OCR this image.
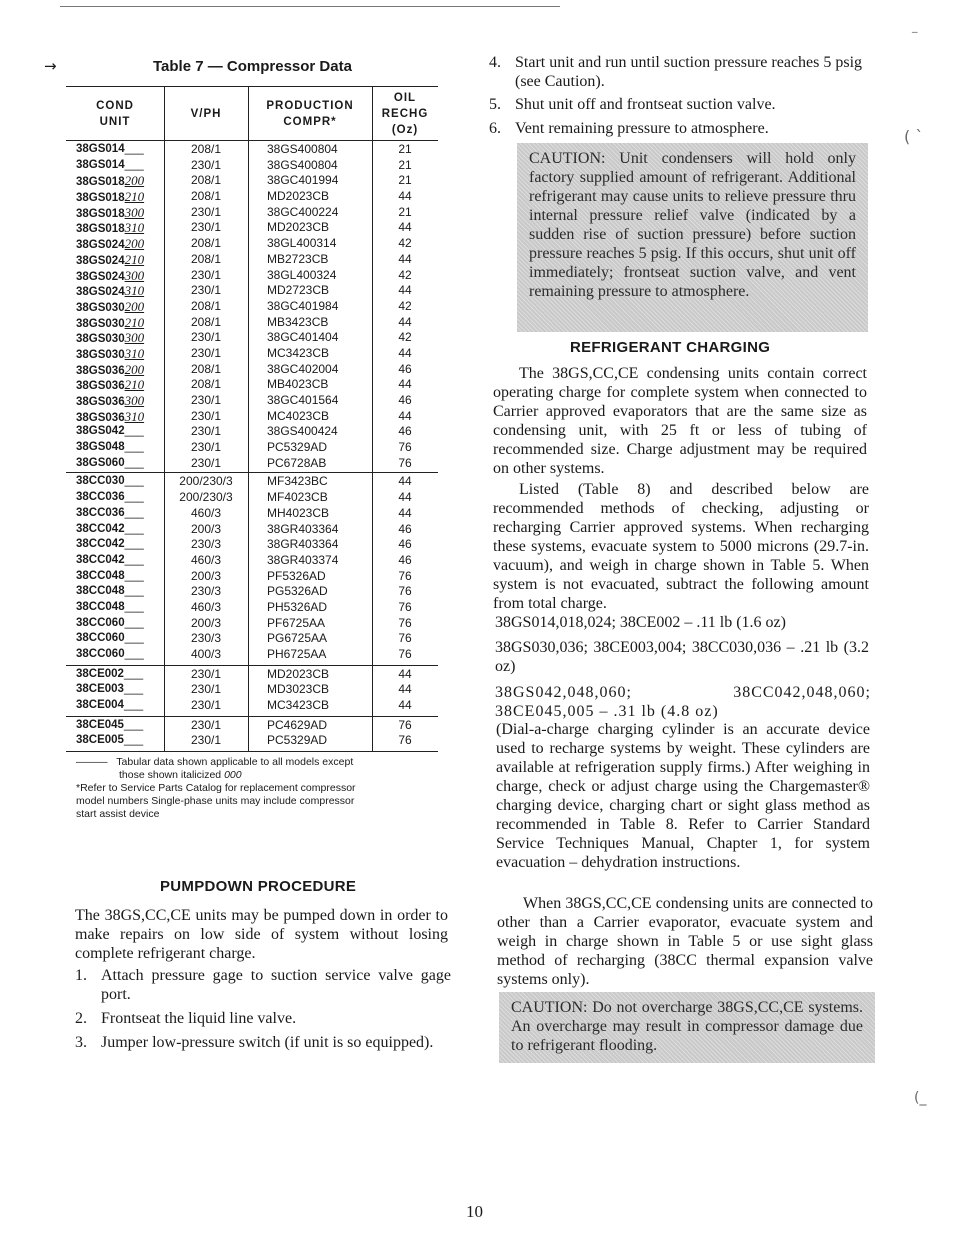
→	Table 7 — Compressor Data
COND
UNIT
V/PH
PRODUCTION
COMPR*
OIL
RECHG
(Oz)
38GS014___	208/1	38GS400804	21
38GS014___	230/1	38GS400804	21
38GS018200	208/1	38GC401994	21
38GS018210	208/1	MD2023CB	44
38GS018300	230/1	38GC400224	21
38GS018310	230/1	MD2023CB	44
38GS024200	208/1	38GL400314	42
38GS024210	208/1	MB2723CB	44
38GS024300	230/1	38GL400324	42
38GS024310	230/1	MD2723CB	44
38GS030200	208/1	38GC401984	42
38GS030210	208/1	MB3423CB	44
38GS030300	230/1	38GC401404	42
38GS030310	230/1	MC3423CB	44
38GS036200	208/1	38GC402004	46
38GS036210	208/1	MB4023CB	44
38GS036300	230/1	38GC401564	46
38GS036310	230/1	MC4023CB	44
38GS042___	230/1	38GS400424	46
38GS048___	230/1	PC5329AD	76
38GS060___	230/1	PC6728AB	76
38CC030___	200/230/3	MF3423BC	44
38CC036___	200/230/3	MF4023CB	44
38CC036___	460/3	MH4023CB	44
38CC042___	200/3	38GR403364	46
38CC042___	230/3	38GR403364	46
38CC042___	460/3	38GR403374	46
38CC048___	200/3	PF5326AD	76
38CC048___	230/3	PG5326AD	76
38CC048___	460/3	PH5326AD	76
38CC060___	200/3	PF6725AA	76
38CC060___	230/3	PG6725AA	76
38CC060___	400/3	PH6725AA	76
38CE002___	230/1	MD2023CB	44
38CE003___	230/1	MD3023CB	44
38CE004___	230/1	MC3423CB	44
38CE045___	230/1	PC4629AD	76
38CE005___	230/1	PC5329AD	76

——— Tabular data shown applicable to all models except

those shown italicized 000

*Refer to Service Parts Catalog for replacement compressor

model numbers Single-phase units may include compressor

start assist device

PUMPDOWN PROCEDURE

The 38GS,CC,CE units may be pumped down in order to make repairs on low side of system without losing complete refrigerant charge.

1. Attach pressure gage to suction service valve gage port.
2. Frontseat the liquid line valve.
3. Jumper low-pressure switch (if unit is so equipped).
4. Start unit and run until suction pressure reaches 5 psig (see Caution).
5. Shut unit off and frontseat suction valve.
6. Vent remaining pressure to atmosphere.
CAUTION: Unit condensers will hold only factory supplied amount of refrigerant. Additional refrigerant may cause units to relieve pressure thru internal pressure relief valve (indicated by a sudden rise of suction pressure) before suction pressure reaches 5 psig. If this occurs, shut unit off immediately; frontseat suction valve, and vent remaining pressure to atmosphere.
REFRIGERANT CHARGING

The 38GS,CC,CE condensing units contain correct operating charge for complete system when connected to Carrier approved evaporators that are the same size as condensing unit, with 25 ft or less of tubing of recommended size. Charge adjustment may be required on other systems.

Listed (Table 8) and described below are recommended methods of checking, adjusting or recharging Carrier approved systems. When recharging these systems, evacuate system to 5000 microns (29.7-in. vacuum), and weigh in charge shown in Table 5. When system is not evacuated, subtract the following amount from total charge.

38GS014,018,024; 38CE002 – .11 lb (1.6 oz)

38GS030,036; 38CE003,004; 38CC030,036 – .21 lb (3.2 oz)

38GS042,048,060; 38CC042,048,060; 38CE045,005 – .31 lb (4.8 oz)

(Dial-a-charge charging cylinder is an accurate device used to recharge systems by weight. These cylinders are available at refrigeration supply firms.) After weighing in charge, check or adjust charge using the Chargemaster® charging device, charging chart or sight glass method as recommended in Table 8. Refer to Carrier Standard Service Techniques Manual, Chapter 1, for system evacuation – dehydration instructions.

When 38GS,CC,CE condensing units are connected to other than a Carrier evaporator, evacuate system and weigh in charge shown in Table 5 or use sight glass method of recharging (38CC thermal expansion valve systems only).

CAUTION: Do not overcharge 38GS,CC,CE systems. An overcharge may result in compressor damage due to refrigerant flooding.
10
( ˋ
(_
‾
